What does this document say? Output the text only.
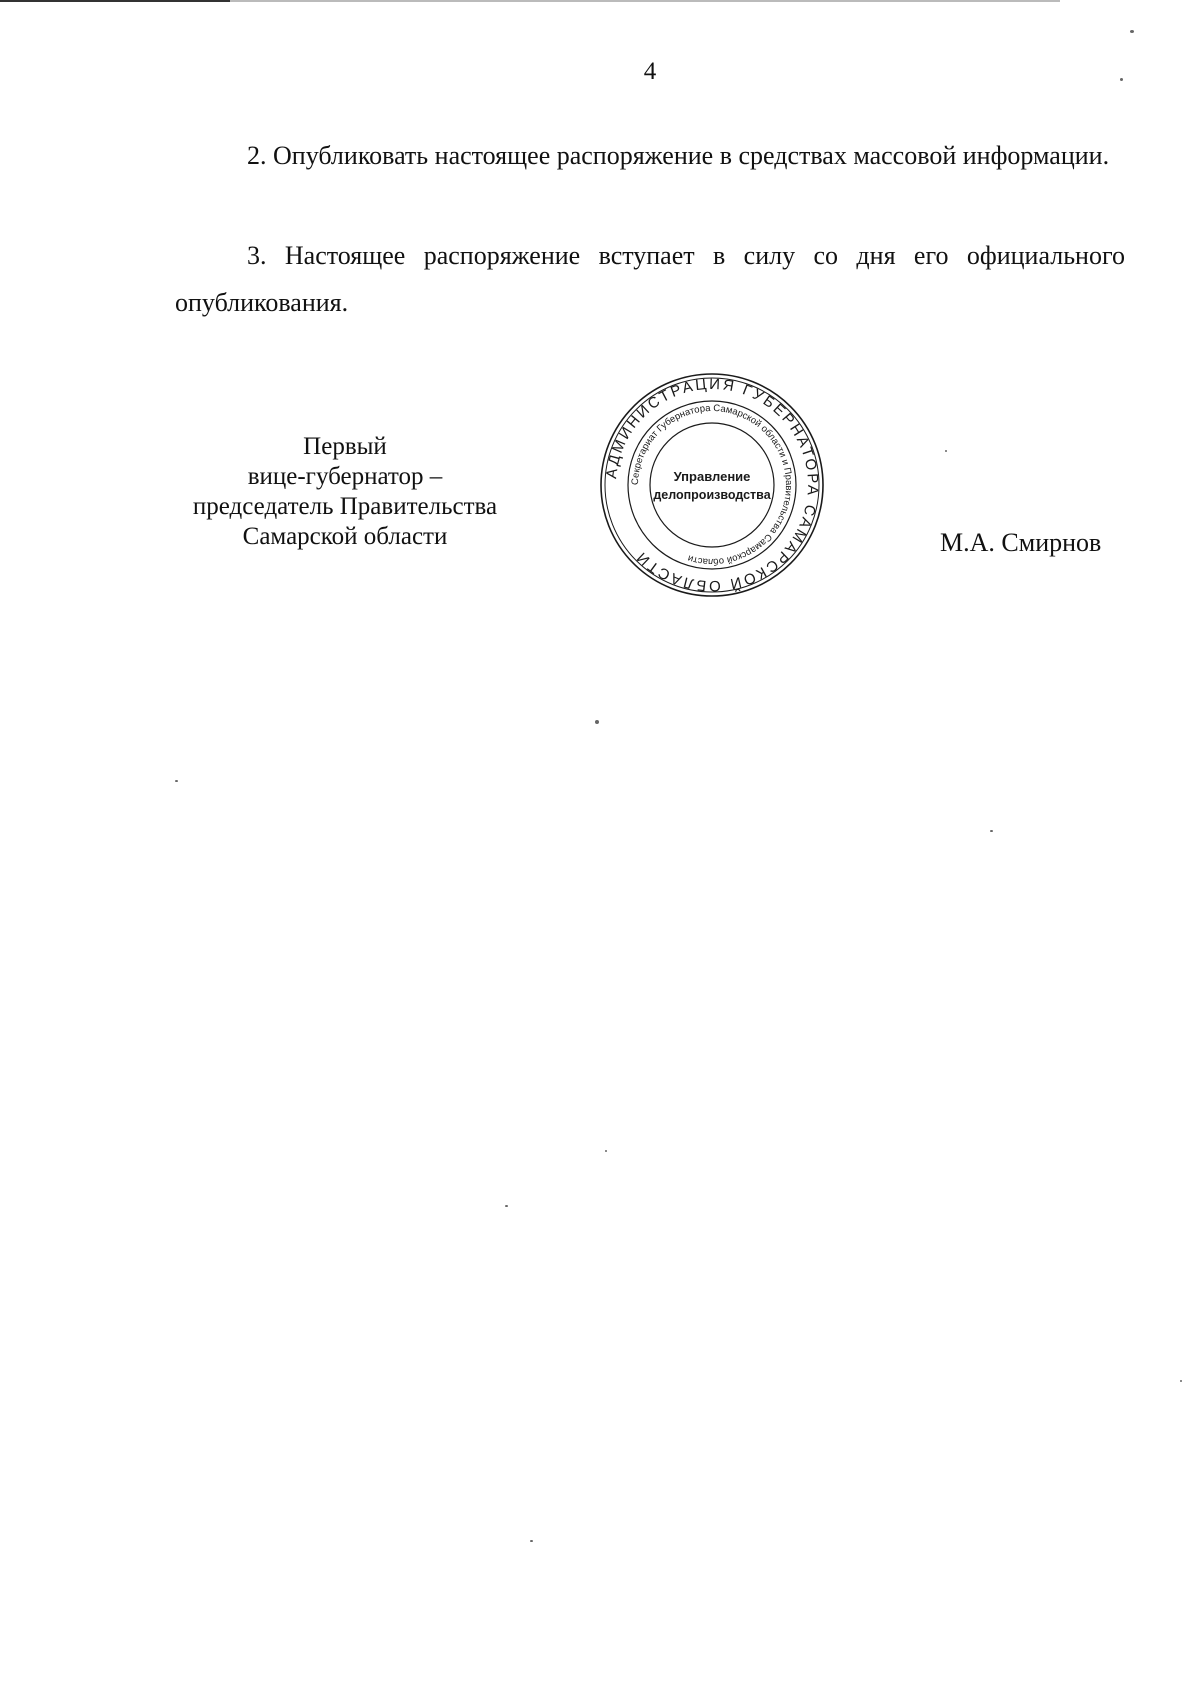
4

2. Опубликовать настоящее распоряжение в средствах массовой информации.

3. Настоящее распоряжение вступает в силу со дня его официального опубликования.

Первый
вице-губернатор –
председатель Правительства
Самарской области
АДМИНИСТРАЦИЯ ГУБЕРНАТОРА САМАРСКОЙ ОБЛАСТИ
Секретариат Губернатора Самарской области и Правительства Самарской области
Управление
делопроизводства
М.А. Смирнов
